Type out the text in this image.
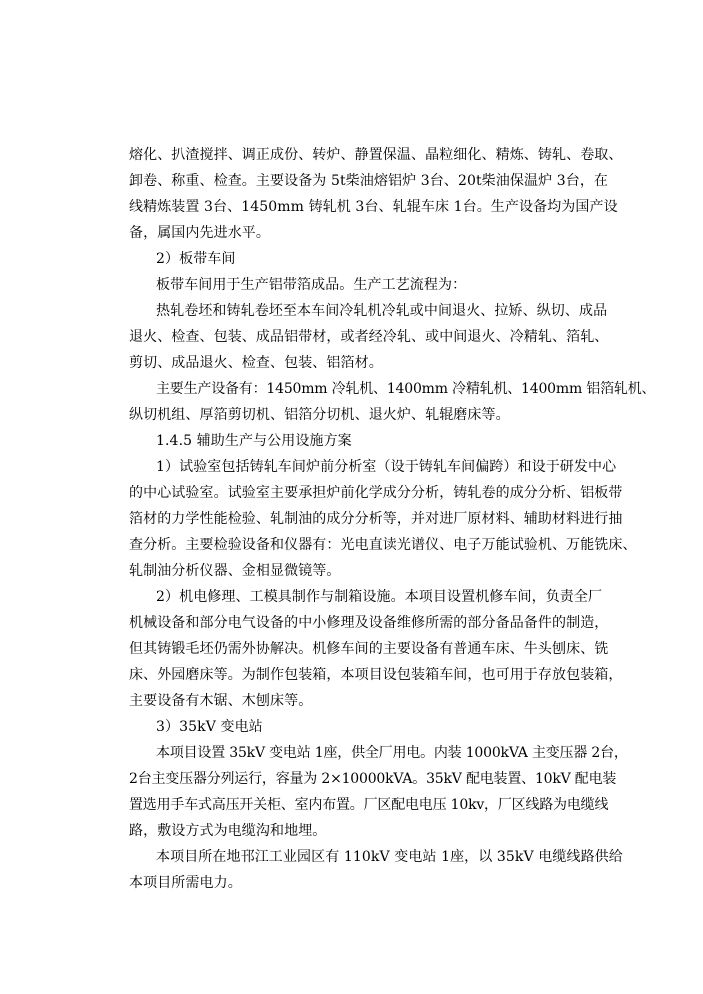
熔化、扒渣搅拌、调正成份、转炉、静置保温、晶粒细化、精炼、铸轧、卷取、
卸卷、称重、检查。主要设备为 5t柴油熔铝炉 3台、20t柴油保温炉 3台，在
线精炼装置 3台、1450mm 铸轧机 3台、轧辊车床 1台。生产设备均为国产设
备，属国内先进水平。
2）板带车间
板带车间用于生产铝带箔成品。生产工艺流程为：
热轧卷坯和铸轧卷坯至本车间冷轧机冷轧或中间退火、拉矫、纵切、成品
退火、检查、包装、成品铝带材，或者经冷轧、或中间退火、冷精轧、箔轧、
剪切、成品退火、检查、包装、铝箔材。
主要生产设备有：1450mm 冷轧机、1400mm 冷精轧机、1400mm 铝箔轧机、
纵切机组、厚箔剪切机、铝箔分切机、退火炉、轧辊磨床等。
1.4.5 辅助生产与公用设施方案
1）试验室包括铸轧车间炉前分析室（设于铸轧车间偏跨）和设于研发中心
的中心试验室。试验室主要承担炉前化学成分分析，铸轧卷的成分分析、铝板带
箔材的力学性能检验、轧制油的成分分析等，并对进厂原材料、辅助材料进行抽
查分析。主要检验设备和仪器有：光电直读光谱仪、电子万能试验机、万能铣床、
轧制油分析仪器、金相显微镜等。
2）机电修理、工模具制作与制箱设施。本项目设置机修车间，负责全厂
机械设备和部分电气设备的中小修理及设备维修所需的部分备品备件的制造，
但其铸锻毛坯仍需外协解决。机修车间的主要设备有普通车床、牛头刨床、铣
床、外园磨床等。为制作包装箱，本项目设包装箱车间，也可用于存放包装箱，
主要设备有木锯、木刨床等。
3）35kV 变电站
本项目设置 35kV 变电站 1座，供全厂用电。内装 1000kVA 主变压器 2台，
2台主变压器分列运行，容量为 2×10000kVA。35kV 配电装置、10kV 配电装
置选用手车式高压开关柜、室内布置。厂区配电电压 10kv，厂区线路为电缆线
路，敷设方式为电缆沟和地埋。
本项目所在地邗江工业园区有 110kV 变电站 1座，以 35kV 电缆线路供给
本项目所需电力。
